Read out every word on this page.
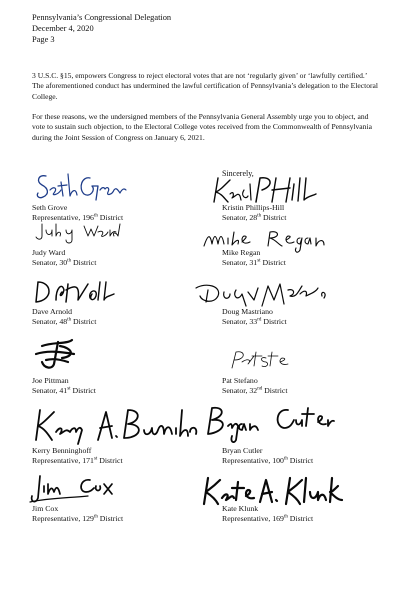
Pennsylvania’s Congressional Delegation
December 4, 2020
Page 3
3 U.S.C. §15, empowers Congress to reject electoral votes that are not ‘regularly given’ or ‘lawfully certified.’ The aforementioned conduct has undermined the lawful certification of Pennsylvania’s delegation to the Electoral College.
For these reasons, we the undersigned members of the Pennsylvania General Assembly urge you to object, and vote to sustain such objection, to the Electoral College votes received from the Commonwealth of Pennsylvania during the Joint Session of Congress on January 6, 2021.
Sincerely,
Seth Grove
Representative, 196th District
Kristin Phillips-Hill
Senator, 28th District
Judy Ward
Senator, 30th District
Mike Regan
Senator, 31st District
Dave Arnold
Senator, 48th District
Doug Mastriano
Senator, 33rd District
Joe Pittman
Senator, 41st District
Pat Stefano
Senator, 32nd District
Kerry Benninghoff
Representative, 171st District
Bryan Cutler
Representative, 100th District
Jim Cox
Representative, 129th District
Kate Klunk
Representative, 169th District
